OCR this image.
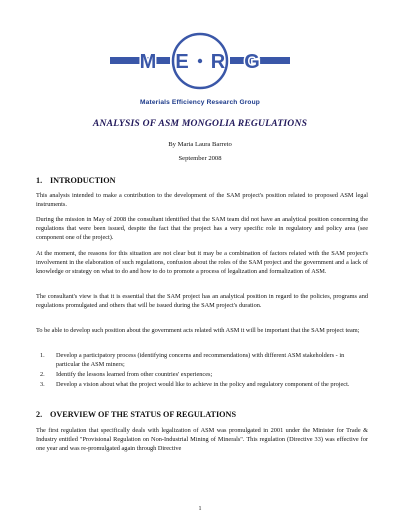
M E R G
Materials Efficiency Research Group
ANALYSIS OF ASM MONGOLIA REGULATIONS
By Maria Laura Barreto
September 2008
1. INTRODUCTION
This analysis intended to make a contribution to the development of the SAM project's position related to proposed ASM legal instruments.
During the mission in May of 2008 the consultant identified that the SAM team did not have an analytical position concerning the regulations that were been issued, despite the fact that the project has a very specific role in regulatory and policy area (see component one of the project).
At the moment, the reasons for this situation are not clear but it may be a combination of factors related with the SAM project's involvement in the elaboration of such regulations, confusion about the roles of the SAM project and the government and a lack of knowledge or strategy on what to do and how to do to promote a process of legalization and formalization of ASM.
The consultant's view is that it is essential that the SAM project has an analytical position in regard to the policies, programs and regulations promulgated and others that will be issued during the SAM project's duration.
To be able to develop such position about the government acts related with ASM it will be important that the SAM project team;
1. Develop a participatory process (identifying concerns and recommendations) with different ASM stakeholders - in particular the ASM miners;
2. Identify the lessons learned from other countries' experiences;
3. Develop a vision about what the project would like to achieve in the policy and regulatory component of the project.
2. OVERVIEW OF THE STATUS OF REGULATIONS
The first regulation that specifically deals with legalization of ASM was promulgated in 2001 under the Minister for Trade & Industry entitled "Provisional Regulation on Non-Industrial Mining of Minerals". This regulation (Directive 33) was effective for one year and was re-promulgated again through Directive
1
